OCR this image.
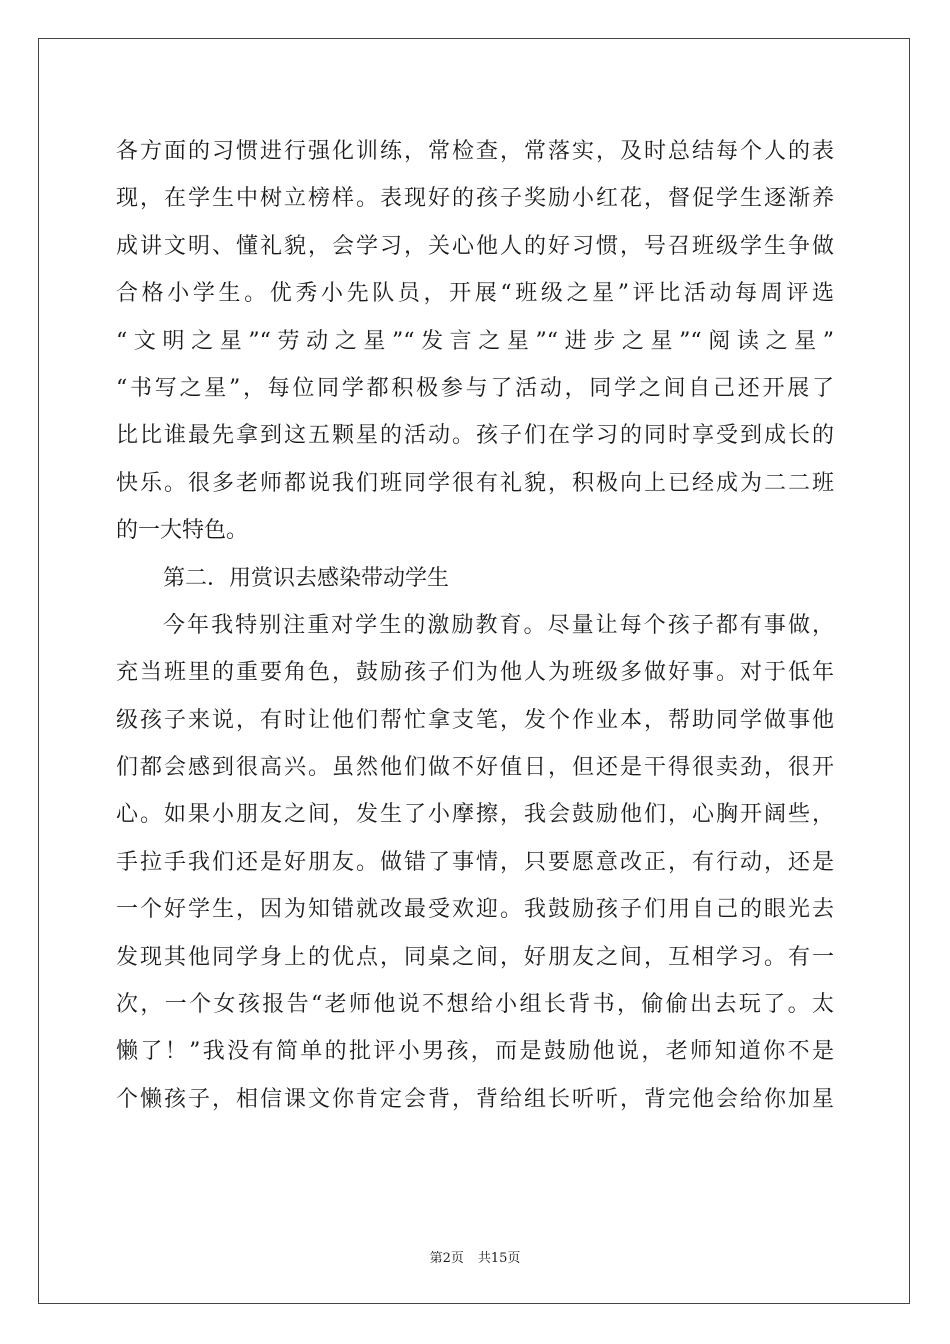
各方面的习惯进行强化训练，常检查，常落实，及时总结每个人的表
现，在学生中树立榜样。表现好的孩子奖励小红花，督促学生逐渐养
成讲文明、懂礼貌，会学习，关心他人的好习惯，号召班级学生争做
合格小学生。优秀小先队员，开展“班级之星”评比活动每周评选
“文明之星”“劳动之星”“发言之星”“进步之星”“阅读之星”
“书写之星”，每位同学都积极参与了活动，同学之间自己还开展了
比比谁最先拿到这五颗星的活动。孩子们在学习的同时享受到成长的
快乐。很多老师都说我们班同学很有礼貌，积极向上已经成为二二班
的一大特色。
第二．用赏识去感染带动学生
今年我特别注重对学生的激励教育。尽量让每个孩子都有事做，
充当班里的重要角色，鼓励孩子们为他人为班级多做好事。对于低年
级孩子来说，有时让他们帮忙拿支笔，发个作业本，帮助同学做事他
们都会感到很高兴。虽然他们做不好值日，但还是干得很卖劲，很开
心。如果小朋友之间，发生了小摩擦，我会鼓励他们，心胸开阔些，
手拉手我们还是好朋友。做错了事情，只要愿意改正，有行动，还是
一个好学生，因为知错就改最受欢迎。我鼓励孩子们用自己的眼光去
发现其他同学身上的优点，同桌之间，好朋友之间，互相学习。有一
次，一个女孩报告“老师他说不想给小组长背书，偷偷出去玩了。太
懒了！”我没有简单的批评小男孩，而是鼓励他说，老师知道你不是
个懒孩子，相信课文你肯定会背，背给组长听听，背完他会给你加星
第2页 共15页
